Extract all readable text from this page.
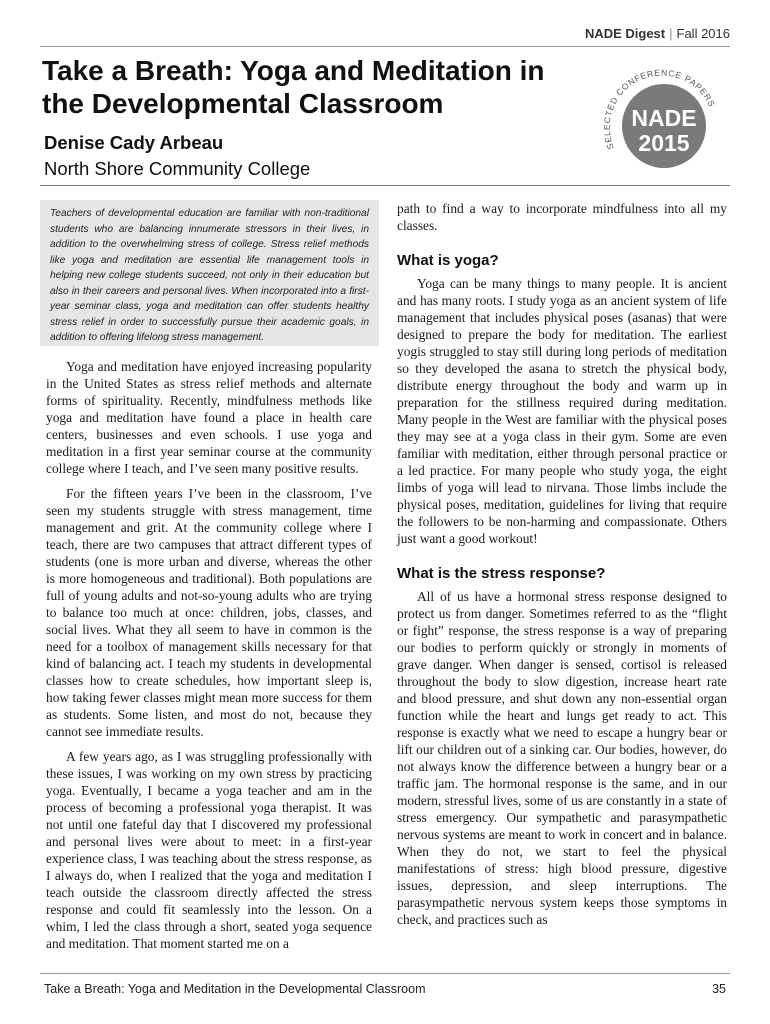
NADE Digest | Fall 2016
Take a Breath: Yoga and Meditation in the Developmental Classroom
Denise Cady Arbeau
North Shore Community College
SELECTED CONFERENCE PAPERS
NADE
2015
Teachers of developmental education are familiar with non-traditional students who are balancing innumerate stressors in their lives, in addition to the overwhelming stress of college. Stress relief methods like yoga and meditation are essential life management tools in helping new college students succeed, not only in their education but also in their careers and personal lives. When incorporated into a first-year seminar class, yoga and meditation can offer students healthy stress relief in order to successfully pursue their academic goals, in addition to offering lifelong stress management.

Yoga and meditation have enjoyed increasing popularity in the United States as stress relief methods and alternate forms of spirituality. Recently, mindfulness methods like yoga and meditation have found a place in health care centers, businesses and even schools. I use yoga and meditation in a first year seminar course at the community college where I teach, and I’ve seen many positive results.

For the fifteen years I’ve been in the classroom, I’ve seen my students struggle with stress management, time management and grit. At the community college where I teach, there are two campuses that attract different types of students (one is more urban and diverse, whereas the other is more homogeneous and traditional). Both populations are full of young adults and not-so-young adults who are trying to balance too much at once: children, jobs, classes, and social lives. What they all seem to have in common is the need for a toolbox of management skills necessary for that kind of balancing act. I teach my students in developmental classes how to create schedules, how important sleep is, how taking fewer classes might mean more success for them as students. Some listen, and most do not, because they cannot see immediate results.

A few years ago, as I was struggling professionally with these issues, I was working on my own stress by practicing yoga. Eventually, I became a yoga teacher and am in the process of becoming a professional yoga therapist. It was not until one fateful day that I discovered my professional and personal lives were about to meet: in a first-year experience class, I was teaching about the stress response, as I always do, when I realized that the yoga and meditation I teach outside the classroom directly affected the stress response and could fit seamlessly into the lesson. On a whim, I led the class through a short, seated yoga sequence and meditation. That moment started me on a

path to find a way to incorporate mindfulness into all my classes.

What is yoga?

Yoga can be many things to many people. It is ancient and has many roots. I study yoga as an ancient system of life management that includes physical poses (asanas) that were designed to prepare the body for meditation. The earliest yogis struggled to stay still during long periods of meditation so they developed the asana to stretch the physical body, distribute energy throughout the body and warm up in preparation for the stillness required during meditation. Many people in the West are familiar with the physical poses they may see at a yoga class in their gym. Some are even familiar with meditation, either through personal practice or a led practice. For many people who study yoga, the eight limbs of yoga will lead to nirvana. Those limbs include the physical poses, meditation, guidelines for living that require the followers to be non-harming and compassionate. Others just want a good workout!

What is the stress response?

All of us have a hormonal stress response designed to protect us from danger. Sometimes referred to as the “flight or fight” response, the stress response is a way of preparing our bodies to perform quickly or strongly in moments of grave danger. When danger is sensed, cortisol is released throughout the body to slow digestion, increase heart rate and blood pressure, and shut down any non-essential organ function while the heart and lungs get ready to act. This response is exactly what we need to escape a hungry bear or lift our children out of a sinking car. Our bodies, however, do not always know the difference between a hungry bear or a traffic jam. The hormonal response is the same, and in our modern, stressful lives, some of us are constantly in a state of stress emergency. Our sympathetic and parasympathetic nervous systems are meant to work in concert and in balance. When they do not, we start to feel the physical manifestations of stress: high blood pressure, digestive issues, depression, and sleep interruptions. The parasympathetic nervous system keeps those symptoms in check, and practices such as

Take a Breath: Yoga and Meditation in the Developmental Classroom	35
